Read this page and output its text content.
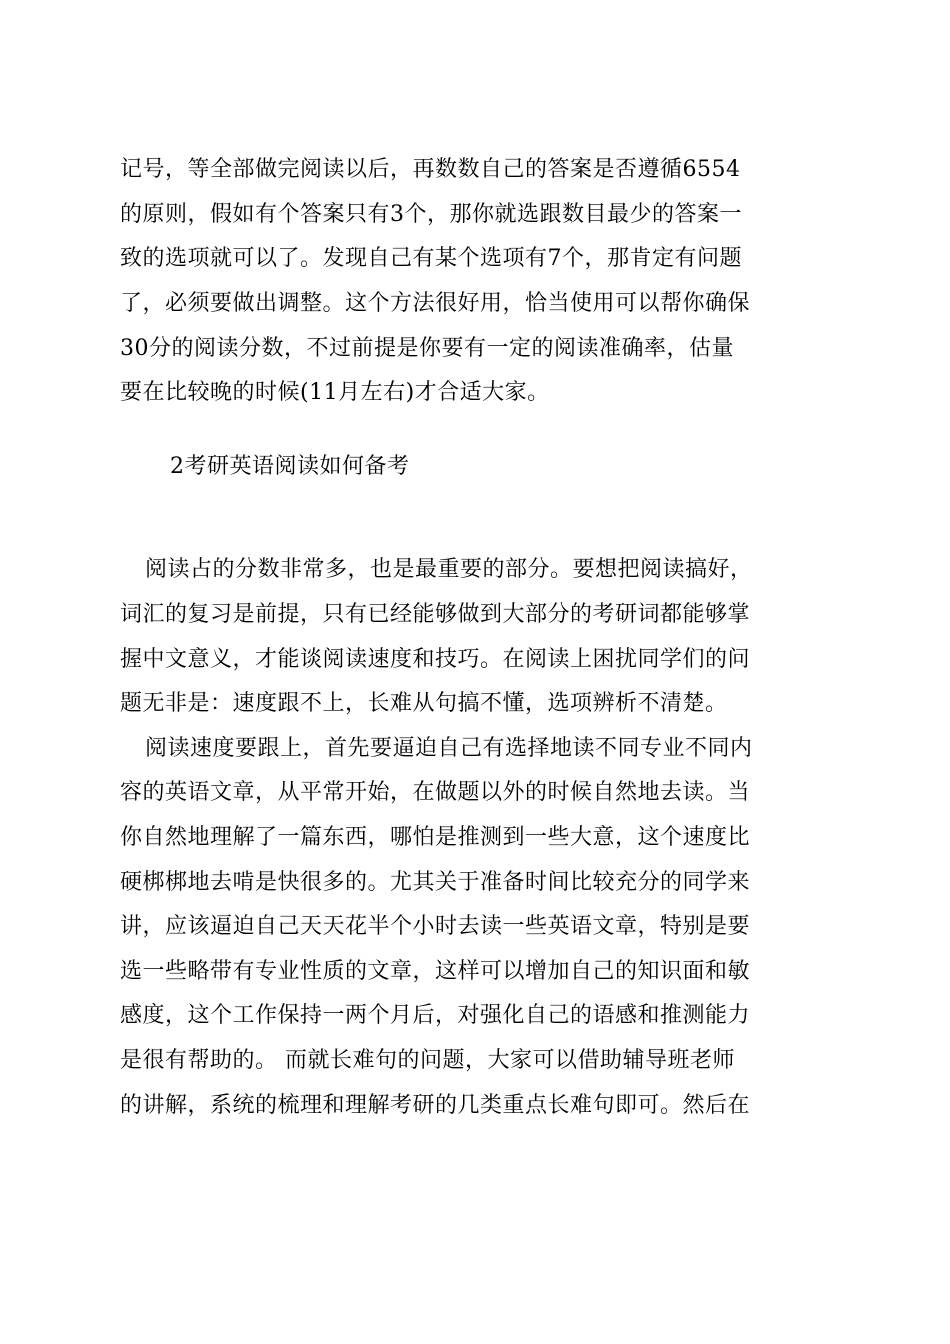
记号，等全部做完阅读以后，再数数自己的答案是否遵循6554
的原则，假如有个答案只有3个，那你就选跟数目最少的答案一
致的选项就可以了。发现自己有某个选项有7个，那肯定有问题
了，必须要做出调整。这个方法很好用，恰当使用可以帮你确保
30分的阅读分数，不过前提是你要有一定的阅读准确率，估量
要在比较晚的时候(11月左右)才合适大家。
2考研英语阅读如何备考
阅读占的分数非常多，也是最重要的部分。要想把阅读搞好，
词汇的复习是前提，只有已经能够做到大部分的考研词都能够掌
握中文意义，才能谈阅读速度和技巧。在阅读上困扰同学们的问
题无非是：速度跟不上，长难从句搞不懂，选项辨析不清楚。
阅读速度要跟上，首先要逼迫自己有选择地读不同专业不同内
容的英语文章，从平常开始，在做题以外的时候自然地去读。当
你自然地理解了一篇东西，哪怕是推测到一些大意，这个速度比
硬梆梆地去啃是快很多的。尤其关于准备时间比较充分的同学来
讲，应该逼迫自己天天花半个小时去读一些英语文章，特别是要
选一些略带有专业性质的文章，这样可以增加自己的知识面和敏
感度，这个工作保持一两个月后，对强化自己的语感和推测能力
是很有帮助的。 而就长难句的问题，大家可以借助辅导班老师
的讲解，系统的梳理和理解考研的几类重点长难句即可。然后在
